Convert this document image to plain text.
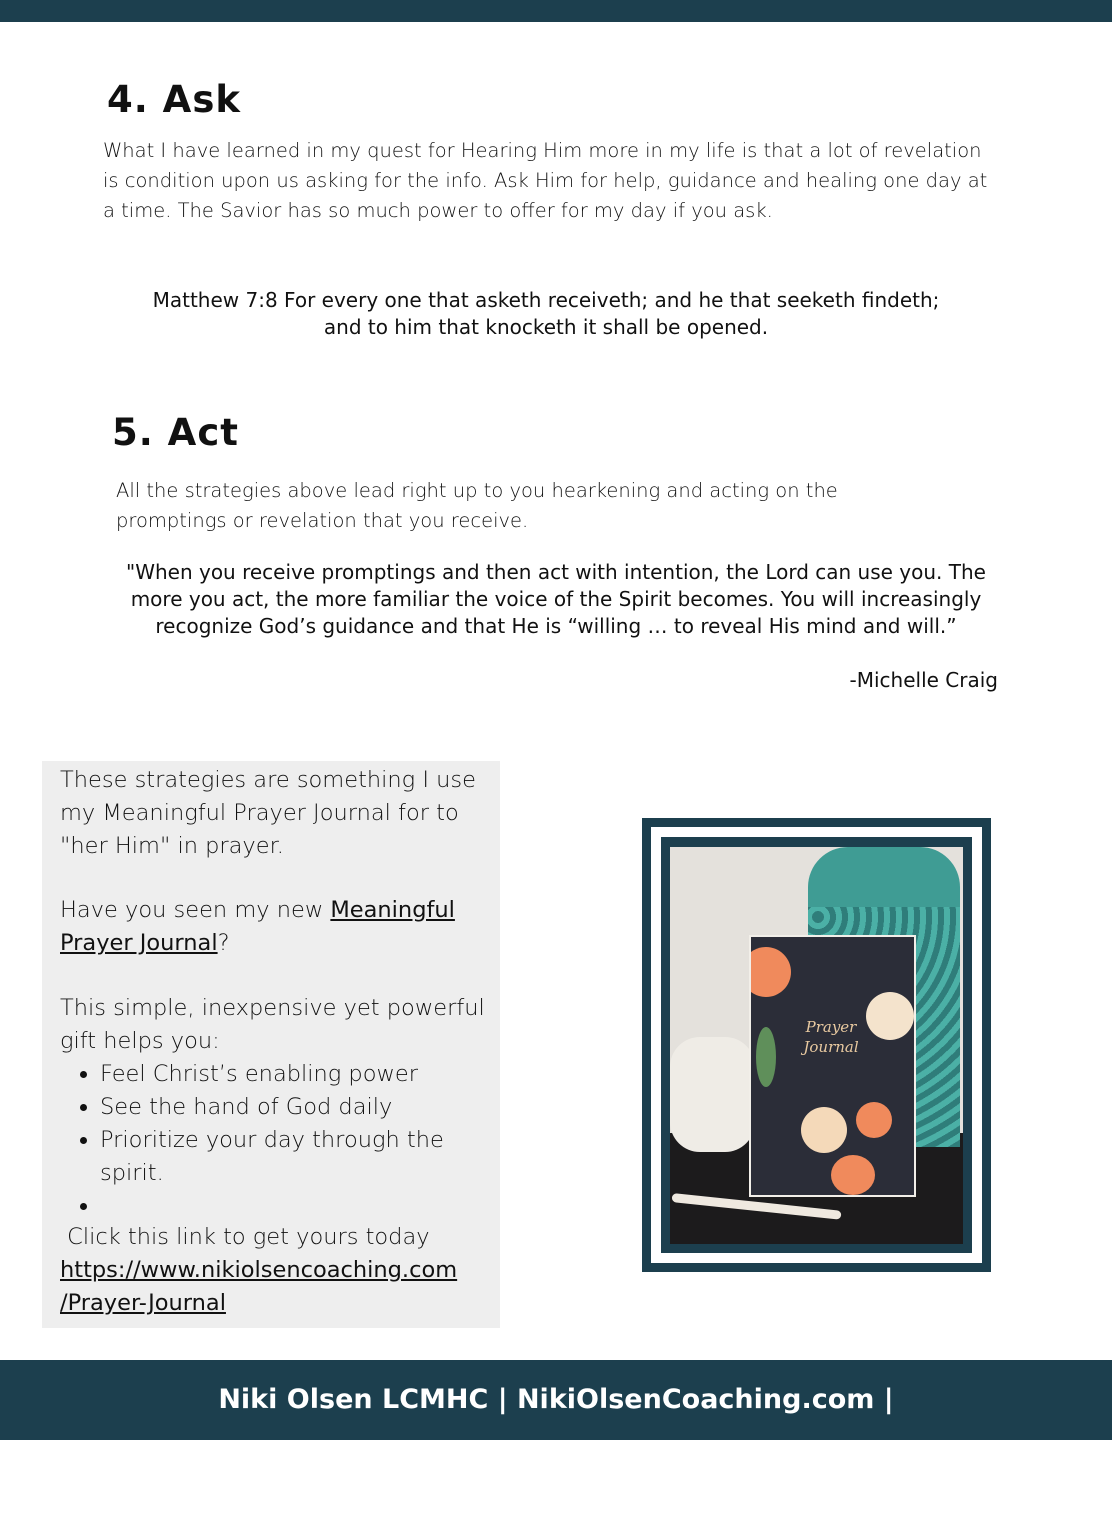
4. Ask

What I have learned in my quest for Hearing Him more in my life is that a lot of revelation is condition upon us asking for the info. Ask Him for help, guidance and healing one day at a time. The Savior has so much power to offer for my day if you ask.

Matthew 7:8 For every one that asketh receiveth; and he that seeketh findeth;
and to him that knocketh it shall be opened.

5. Act

All the strategies above lead right up to you hearkening and acting on the promptings or revelation that you receive.

"When you receive promptings and then act with intention, the Lord can use you. The more you act, the more familiar the voice of the Spirit becomes. You will increasingly recognize God’s guidance and that He is “willing … to reveal His mind and will.”

-Michelle Craig

These strategies are something I use my Meaningful Prayer Journal for to "her Him" in prayer.

Have you seen my new Meaningful Prayer Journal?

This simple, inexpensive yet powerful gift helps you:

• Feel Christ’s enabling power
• See the hand of God daily
• Prioritize your day through the spirit.
•

Click this link to get yours today

https://www.nikiolsencoaching.com
/Prayer-Journal

Prayer Journal
Niki Olsen LCMHC | NikiOlsenCoaching.com | Niki@NikiOlsencCoaching.com
